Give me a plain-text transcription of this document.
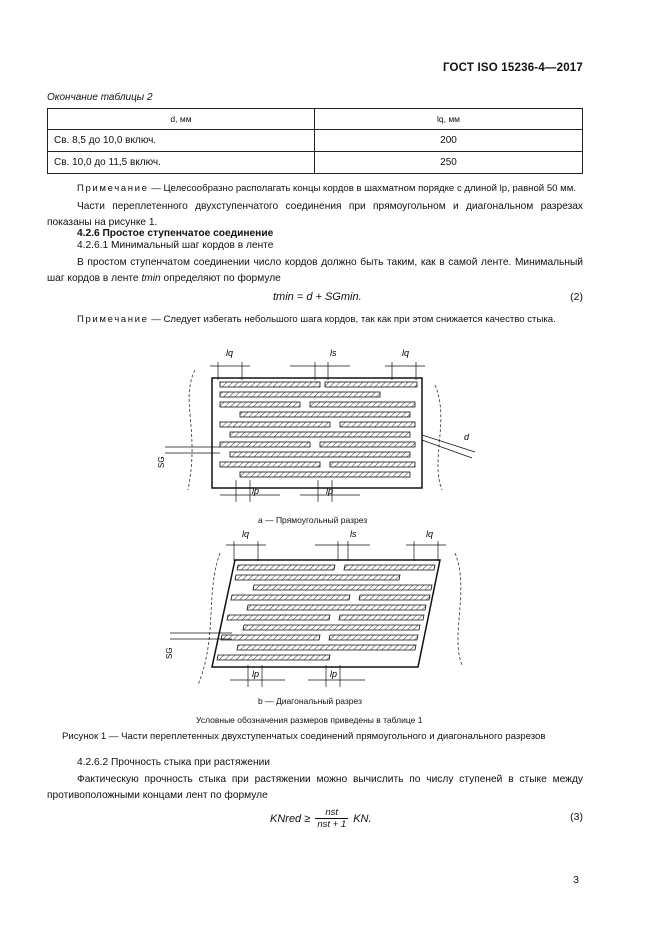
ГОСТ ISO 15236-4—2017
Окончание таблицы 2
d, мм	lq, мм
Св. 8,5 до 10,0 включ.	200
Св. 10,0 до 11,5 включ.	250
Примечание — Целесообразно располагать концы кордов в шахматном порядке с длиной lp, равной 50 мм.
Части переплетенного двухступенчатого соединения при прямоугольном и диагональном разрезах показаны на рисунке 1.
4.2.6 Простое ступенчатое соединение
4.2.6.1 Минимальный шаг кордов в ленте
В простом ступенчатом соединении число кордов должно быть таким, как в самой ленте. Минимальный шаг кордов в ленте tmin определяют по формуле
tmin = d + SGmin.	(2)
Примечание — Следует избегать небольшого шага кордов, так как при этом снижается качество стыка.
lq	ls	lq
lp	lp
d
SG
a — Прямоугольный разрез
lq	ls	lq
lp	lp
SG
b — Диагональный разрез
Условные обозначения размеров приведены в таблице 1
Рисунок 1 — Части переплетенных двухступенчатых соединений прямоугольного и диагонального разрезов
4.2.6.2 Прочность стыка при растяжении
Фактическую прочность стыка при растяжении можно вычислить по числу ступеней в стыке между противоположными концами лент по формуле
KNred ≥	nst
nst + 1 KN.	(3)
3
